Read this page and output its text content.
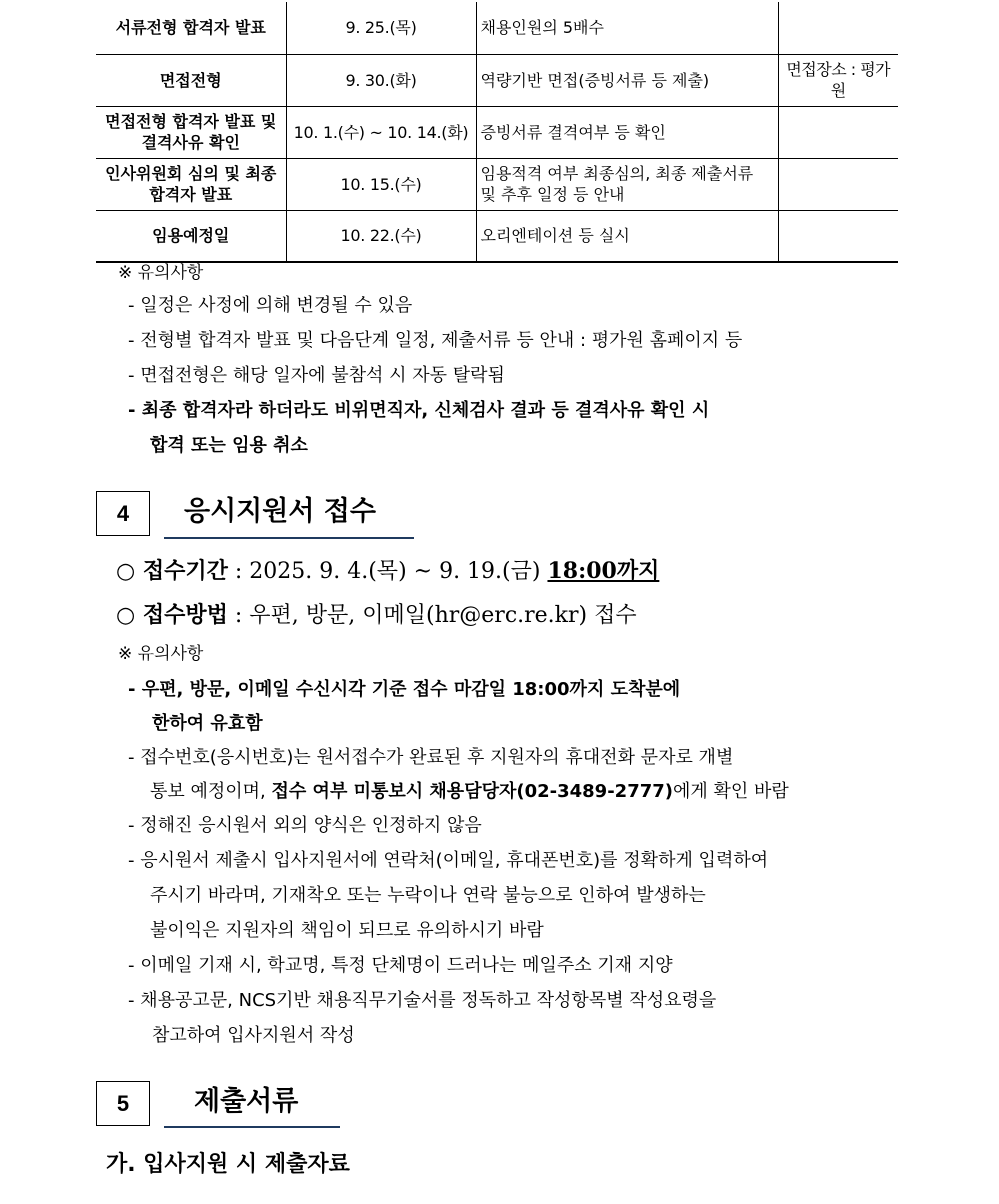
서류전형 합격자 발표	9. 25.(목)	채용인원의 5배수	
면접전형	9. 30.(화)	역량기반 면접(증빙서류 등 제출)	면접장소 : 평가원
면접전형 합격자 발표 및 결격사유 확인	10. 1.(수) ~ 10. 14.(화)	증빙서류 결격여부 등 확인	
인사위원회 심의 및 최종 합격자 발표	10. 15.(수)	임용적격 여부 최종심의, 최종 제출서류 및 추후 일정 등 안내	
임용예정일	10. 22.(수)	오리엔테이션 등 실시	
※ 유의사항
- 일정은 사정에 의해 변경될 수 있음
- 전형별 합격자 발표 및 다음단계 일정, 제출서류 등 안내 : 평가원 홈페이지 등
- 면접전형은 해당 일자에 불참석 시 자동 탈락됨
- 최종 합격자라 하더라도 비위면직자, 신체검사 결과 등 결격사유 확인 시
합격 또는 임용 취소
4	응시지원서 접수
○ 접수기간 : 2025. 9. 4.(목) ~ 9. 19.(금) 18:00까지
○ 접수방법 : 우편, 방문, 이메일(hr@erc.re.kr) 접수
※ 유의사항
- 우편, 방문, 이메일 수신시각 기준 접수 마감일 18:00까지 도착분에
한하여 유효함
- 접수번호(응시번호)는 원서접수가 완료된 후 지원자의 휴대전화 문자로 개별
통보 예정이며, 접수 여부 미통보시 채용담당자(02-3489-2777)에게 확인 바람
- 정해진 응시원서 외의 양식은 인정하지 않음
- 응시원서 제출시 입사지원서에 연락처(이메일, 휴대폰번호)를 정확하게 입력하여
주시기 바라며, 기재착오 또는 누락이나 연락 불능으로 인하여 발생하는
불이익은 지원자의 책임이 되므로 유의하시기 바람
- 이메일 기재 시, 학교명, 특정 단체명이 드러나는 메일주소 기재 지양
- 채용공고문, NCS기반 채용직무기술서를 정독하고 작성항목별 작성요령을
참고하여 입사지원서 작성
5	제출서류
가. 입사지원 시 제출자료
